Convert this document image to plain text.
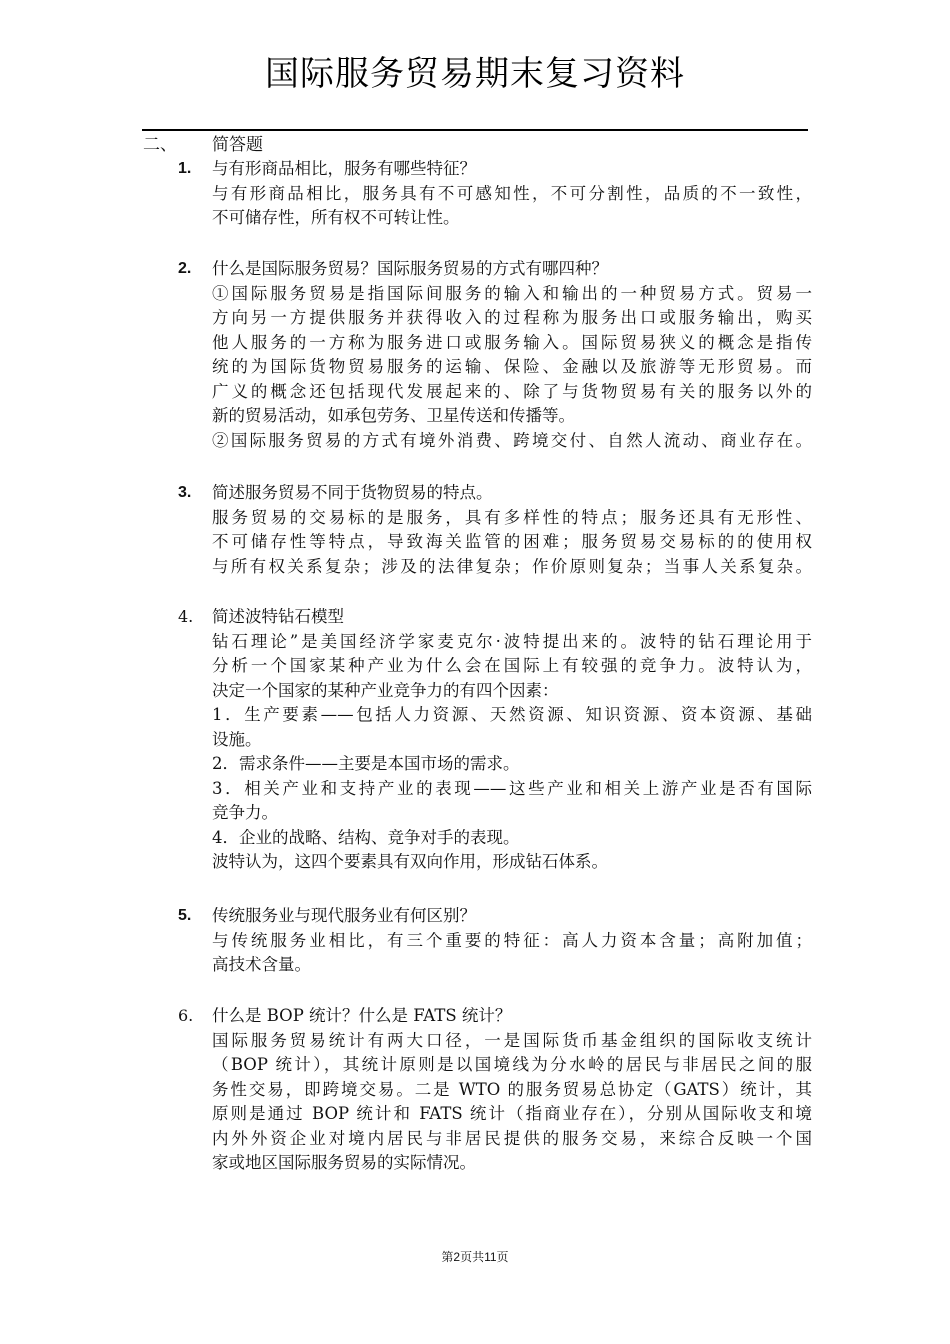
国际服务贸易期末复习资料
二、 简答题
1. 与有形商品相比，服务有哪些特征？
与有形商品相比，服务具有不可感知性，不可分割性，品质的不一致性，
不可储存性，所有权不可转让性。
2. 什么是国际服务贸易？国际服务贸易的方式有哪四种？
①国际服务贸易是指国际间服务的输入和输出的一种贸易方式。贸易一
方向另一方提供服务并获得收入的过程称为服务出口或服务输出，购买
他人服务的一方称为服务进口或服务输入。国际贸易狭义的概念是指传
统的为国际货物贸易服务的运输、保险、金融以及旅游等无形贸易。而
广义的概念还包括现代发展起来的、除了与货物贸易有关的服务以外的
新的贸易活动，如承包劳务、卫星传送和传播等。
②国际服务贸易的方式有境外消费、跨境交付、自然人流动、商业存在。
3. 简述服务贸易不同于货物贸易的特点。
服务贸易的交易标的是服务，具有多样性的特点；服务还具有无形性、
不可储存性等特点，导致海关监管的困难；服务贸易交易标的的使用权
与所有权关系复杂；涉及的法律复杂；作价原则复杂；当事人关系复杂。
4. 简述波特钻石模型
钻石理论”是美国经济学家麦克尔·波特提出来的。波特的钻石理论用于
分析一个国家某种产业为什么会在国际上有较强的竞争力。波特认为，
决定一个国家的某种产业竞争力的有四个因素：
1．生产要素——包括人力资源、天然资源、知识资源、资本资源、基础
设施。
2．需求条件——主要是本国市场的需求。
3．相关产业和支持产业的表现——这些产业和相关上游产业是否有国际
竞争力。
4．企业的战略、结构、竞争对手的表现。
波特认为，这四个要素具有双向作用，形成钻石体系。
5. 传统服务业与现代服务业有何区别？
与传统服务业相比，有三个重要的特征：高人力资本含量；高附加值；
高技术含量。
6. 什么是 BOP 统计？什么是 FATS 统计？
国际服务贸易统计有两大口径，一是国际货币基金组织的国际收支统计
（BOP 统计），其统计原则是以国境线为分水岭的居民与非居民之间的服
务性交易，即跨境交易。二是 WTO 的服务贸易总协定（GATS）统计，其
原则是通过 BOP 统计和 FATS 统计（指商业存在），分别从国际收支和境
内外外资企业对境内居民与非居民提供的服务交易，来综合反映一个国
家或地区国际服务贸易的实际情况。
第2页共11页
